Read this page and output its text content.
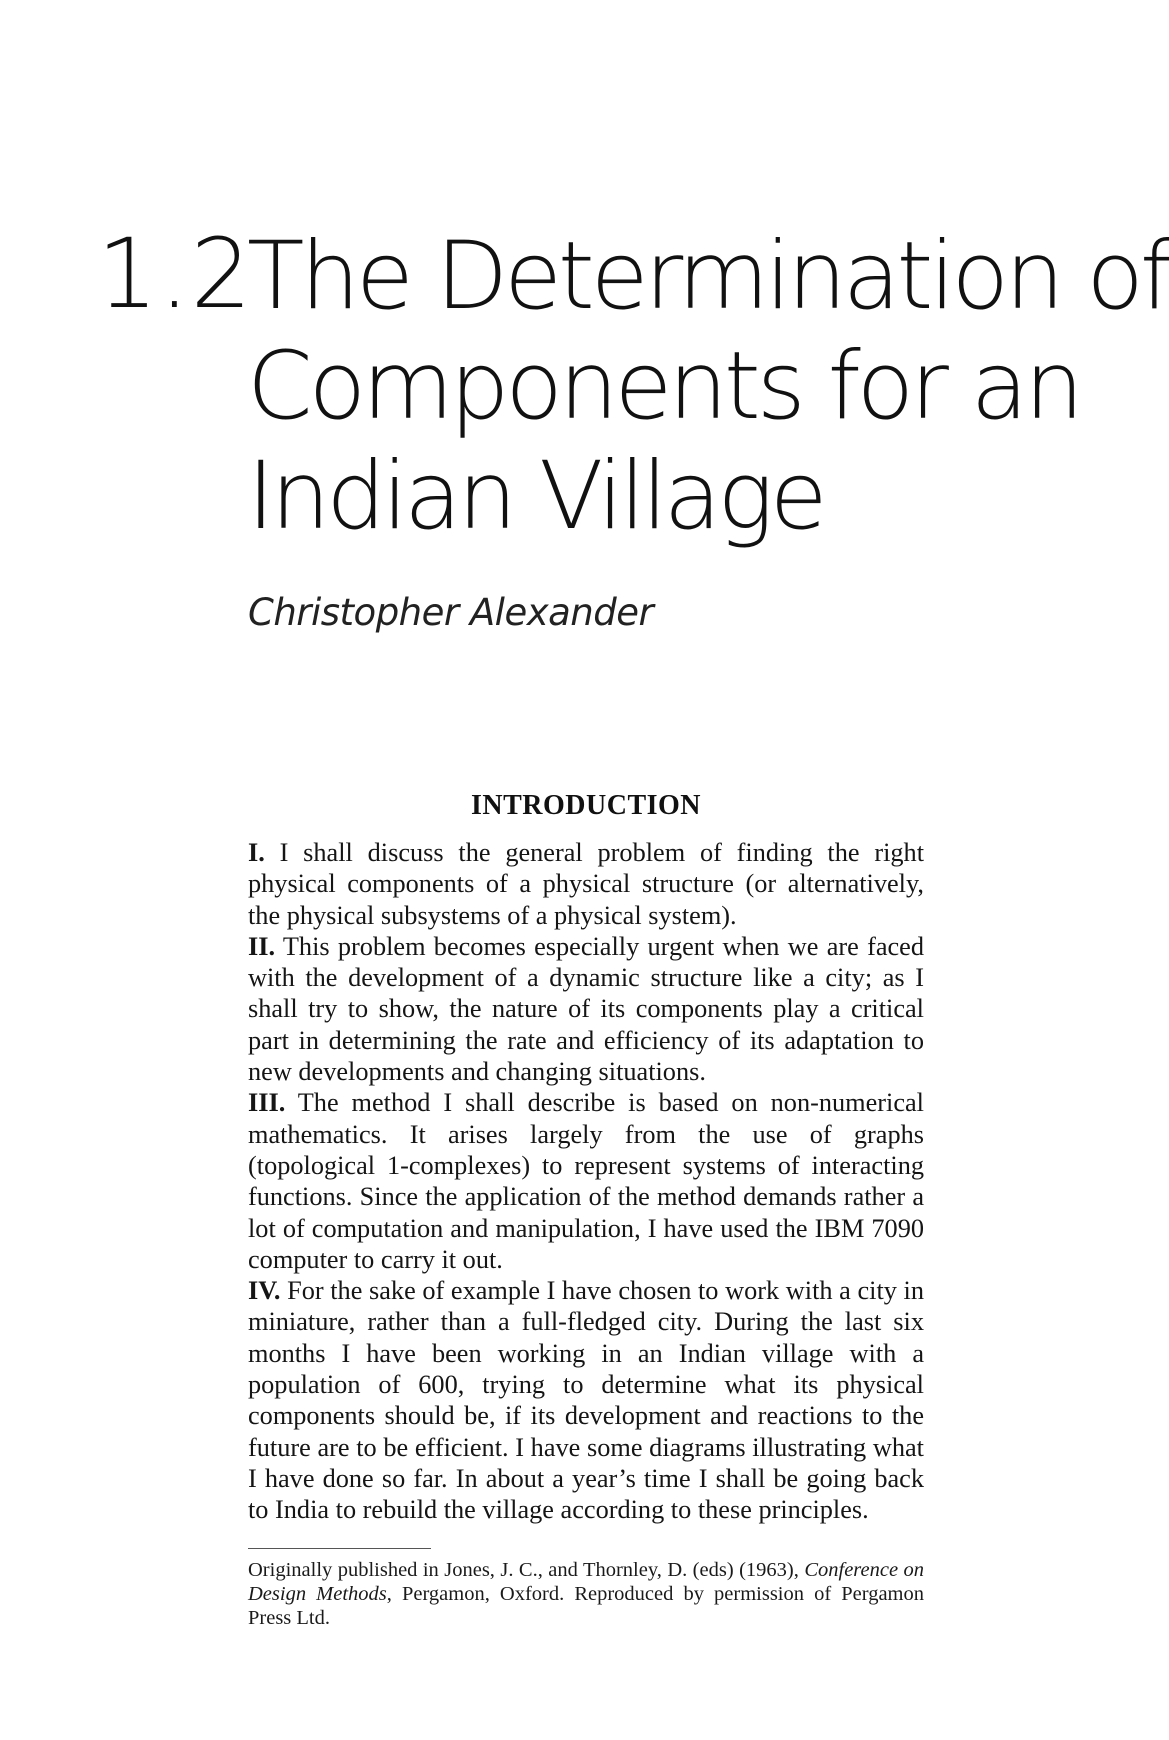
1.2
The Determination of
Components for an
Indian Village
Christopher Alexander
INTRODUCTION

I. I shall discuss the general problem of finding the right physical components of a physical structure (or alternatively, the physical subsystems of a physical system).

II. This problem becomes especially urgent when we are faced with the development of a dynamic structure like a city; as I shall try to show, the nature of its components play a critical part in determining the rate and efficiency of its adaptation to new developments and changing situations.

III. The method I shall describe is based on non-numerical mathematics. It arises largely from the use of graphs (topological 1-complexes) to represent systems of interacting functions. Since the application of the method demands rather a lot of computation and manipulation, I have used the IBM 7090 computer to carry it out.

IV. For the sake of example I have chosen to work with a city in miniature, rather than a full-fledged city. During the last six months I have been working in an Indian village with a population of 600, trying to determine what its physical components should be, if its development and reactions to the future are to be efficient. I have some diagrams illustrating what I have done so far. In about a year’s time I shall be going back to India to rebuild the village according to these principles.

Originally published in Jones, J. C., and Thornley, D. (eds) (1963), Conference on Design Methods, Pergamon, Oxford. Reproduced by permission of Pergamon Press Ltd.
